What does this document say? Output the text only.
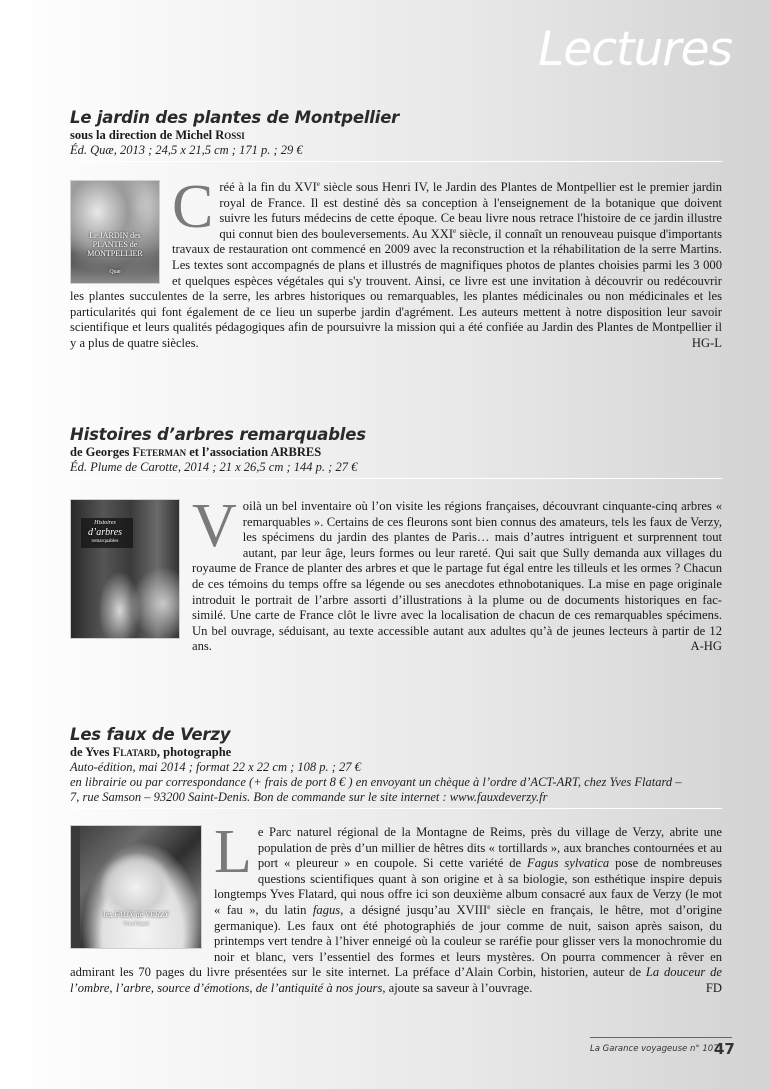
Lectures
Le jardin des plantes de Montpellier

sous la direction de Michel Rossi

Éd. Quæ, 2013 ; 24,5 x 21,5 cm ; 171 p. ; 29 €

Le JARDIN des PLANTES de MONTPELLIER
Quæ

Créé à la fin du XVIe siècle sous Henri IV, le Jardin des Plantes de Montpellier est le premier jardin royal de France. Il est destiné dès sa conception à l'enseignement de la botanique que doivent suivre les futurs médecins de cette époque. Ce beau livre nous retrace l'histoire de ce jardin illustre qui connut bien des bouleversements. Au XXIe siècle, il connaît un renouveau puisque d'importants travaux de restauration ont commencé en 2009 avec la reconstruction et la réhabilitation de la serre Martins. Les textes sont accompagnés de plans et illustrés de magnifiques photos de plantes choisies parmi les 3 000 et quelques espèces végétales qui s'y trouvent. Ainsi, ce livre est une invitation à découvrir ou redécouvrir les plantes succulentes de la serre, les arbres historiques ou remarquables, les plantes médicinales ou non médicinales et les particularités qui font également de ce lieu un superbe jardin d'agrément. Les auteurs mettent à notre disposition leur savoir scientifique et leurs qualités pédagogiques afin de poursuivre la mission qui a été confiée au Jardin des Plantes de Montpellier il y a plus de quatre siècles.	HG-L

Histoires d’arbres remarquables

de Georges Feterman et l’association ARBRES

Éd. Plume de Carotte, 2014 ; 21 x 26,5 cm ; 144 p. ; 27 €

Histoires
d’arbres
remarquables	Voilà un bel inventaire où l’on visite les régions françaises, découvrant cinquante-cinq arbres « remarquables ». Certains de ces fleurons sont bien connus des amateurs, tels les faux de Verzy, les spécimens du jardin des plantes de Paris… mais d’autres intriguent et surprennent tout autant, par leur âge, leurs formes ou leur rareté. Qui sait que Sully demanda aux villages du royaume de France de planter des arbres et que le partage fut égal entre les tilleuls et les ormes ? Chacun de ces témoins du temps offre sa légende ou ses anecdotes ethnobotaniques. La mise en page originale introduit le portrait de l’arbre assorti d’illustrations à la plume ou de documents historiques en fac-similé. Une carte de France clôt le livre avec la localisation de chacun de ces remarquables spécimens. Un bel ouvrage, séduisant, au texte accessible autant aux adultes qu’à de jeunes lecteurs à partir de 12 ans.	A-HG

Les faux de Verzy

de Yves Flatard, photographe

Auto-édition, mai 2014 ; format 22 x 22 cm ; 108 p. ; 27 €

en librairie ou par correspondance (+ frais de port 8 € ) en envoyant un chèque à l’ordre d’ACT-ART, chez Yves Flatard –

7, rue Samson – 93200 Saint-Denis. Bon de commande sur le site internet : www.fauxdeverzy.fr

les FAUX de VERZY
Yves Flatard

Le Parc naturel régional de la Montagne de Reims, près du village de Verzy, abrite une population de près d’un millier de hêtres dits « tortillards », aux branches contournées et au port « pleureur » en coupole. Si cette variété de Fagus sylvatica pose de nombreuses questions scientifiques quant à son origine et à sa biologie, son esthétique inspire depuis longtemps Yves Flatard, qui nous offre ici son deuxième album consacré aux faux de Verzy (le mot « fau », du latin fagus, a désigné jusqu’au XVIIIe siècle en français, le hêtre, mot d’origine germanique). Les faux ont été photographiés de jour comme de nuit, saison après saison, du printemps vert tendre à l’hiver enneigé où la couleur se raréfie pour glisser vers la monochromie du noir et blanc, vers l’essentiel des formes et leurs mystères. On pourra commencer à rêver en admirant les 70 pages du livre présentées sur le site internet. La préface d’Alain Corbin, historien, auteur de La douceur de l’ombre, l’arbre, source d’émotions, de l’antiquité à nos jours, ajoute sa saveur à l’ouvrage.	FD

La Garance voyageuse n° 107
47
